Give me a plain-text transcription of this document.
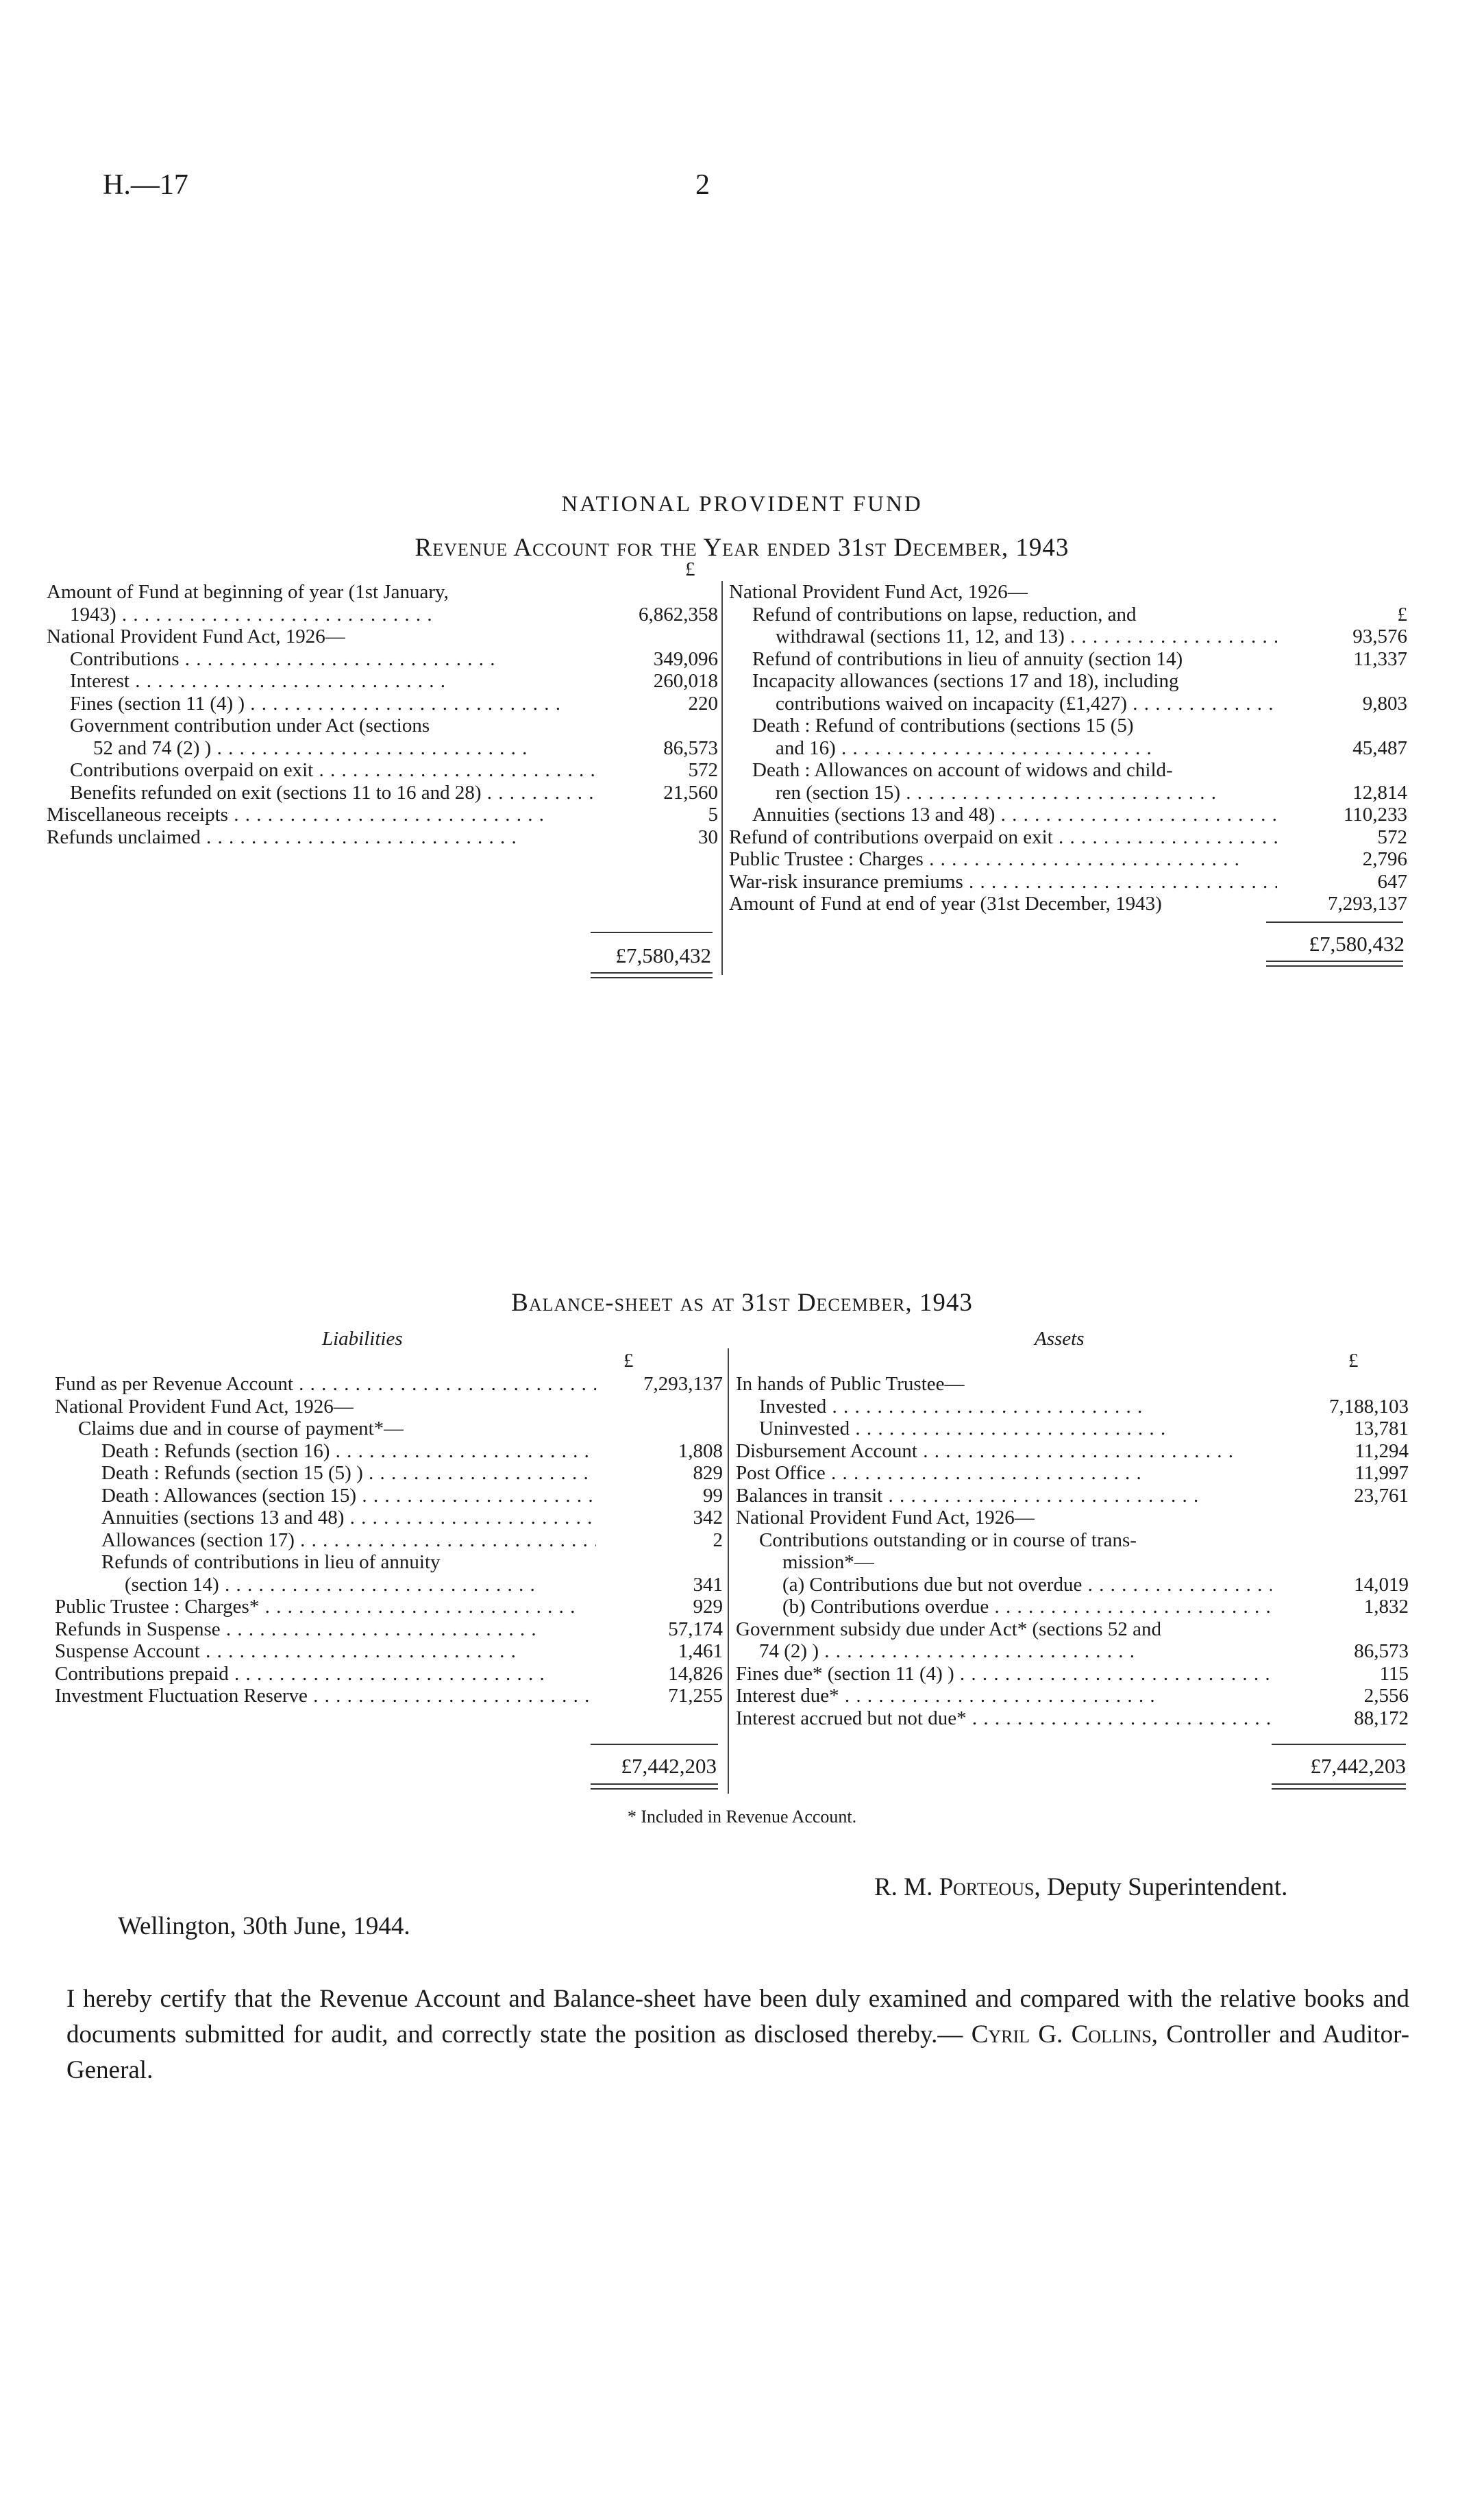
H.—17	2
NATIONAL PROVIDENT FUND
Revenue Account for the Year ended 31st December, 1943
£
Amount of Fund at beginning of year (1st January,
1943) . .	6,862,358
National Provident Fund Act, 1926—
Contributions . .	349,096
Interest . .	260,018
Fines (section 11 (4) ) . .	220
Government contribution under Act (sections
52 and 74 (2) ) . .	86,573
Contributions overpaid on exit . .	572
Benefits refunded on exit (sections 11 to 16 and 28) . .	21,560
Miscellaneous receipts . .	5
Refunds unclaimed . .	30
National Provident Fund Act, 1926—
Refund of contributions on lapse, reduction, and	£
withdrawal (sections 11, 12, and 13) . .	93,576
Refund of contributions in lieu of annuity (section 14)	11,337
Incapacity allowances (sections 17 and 18), including
contributions waived on incapacity (£1,427) . .	9,803
Death : Refund of contributions (sections 15 (5)
and 16) . .	45,487
Death : Allowances on account of widows and child-
ren (section 15) . .	12,814
Annuities (sections 13 and 48) . .	110,233
Refund of contributions overpaid on exit . .	572
Public Trustee : Charges . .	2,796
War-risk insurance premiums . .	647
Amount of Fund at end of year (31st December, 1943)	7,293,137
£7,580,432	£7,580,432
Balance-sheet as at 31st December, 1943
Liabilities	Assets
£	£
Fund as per Revenue Account . .	7,293,137
National Provident Fund Act, 1926—
Claims due and in course of payment*—
Death : Refunds (section 16) . .	1,808
Death : Refunds (section 15 (5) ) . .	829
Death : Allowances (section 15) . .	99
Annuities (sections 13 and 48) . .	342
Allowances (section 17) . .	2
Refunds of contributions in lieu of annuity
(section 14) . .	341
Public Trustee : Charges* . .	929
Refunds in Suspense . .	57,174
Suspense Account . .	1,461
Contributions prepaid . .	14,826
Investment Fluctuation Reserve . .	71,255
In hands of Public Trustee—
Invested . .	7,188,103
Uninvested . .	13,781
Disbursement Account . .	11,294
Post Office . .	11,997
Balances in transit . .	23,761
National Provident Fund Act, 1926—
Contributions outstanding or in course of trans-
mission*—
(a) Contributions due but not overdue . .	14,019
(b) Contributions overdue . .	1,832
Government subsidy due under Act* (sections 52 and
74 (2) ) . .	86,573
Fines due* (section 11 (4) ) . .	115
Interest due* . .	2,556
Interest accrued but not due* . .	88,172
£7,442,203	£7,442,203
* Included in Revenue Account.
R. M. Porteous, Deputy Superintendent.
Wellington, 30th June, 1944.
I hereby certify that the Revenue Account and Balance-sheet have been duly examined and compared with the relative books and documents submitted for audit, and correctly state the position as disclosed thereby.— Cyril G. Collins, Controller and Auditor-General.
